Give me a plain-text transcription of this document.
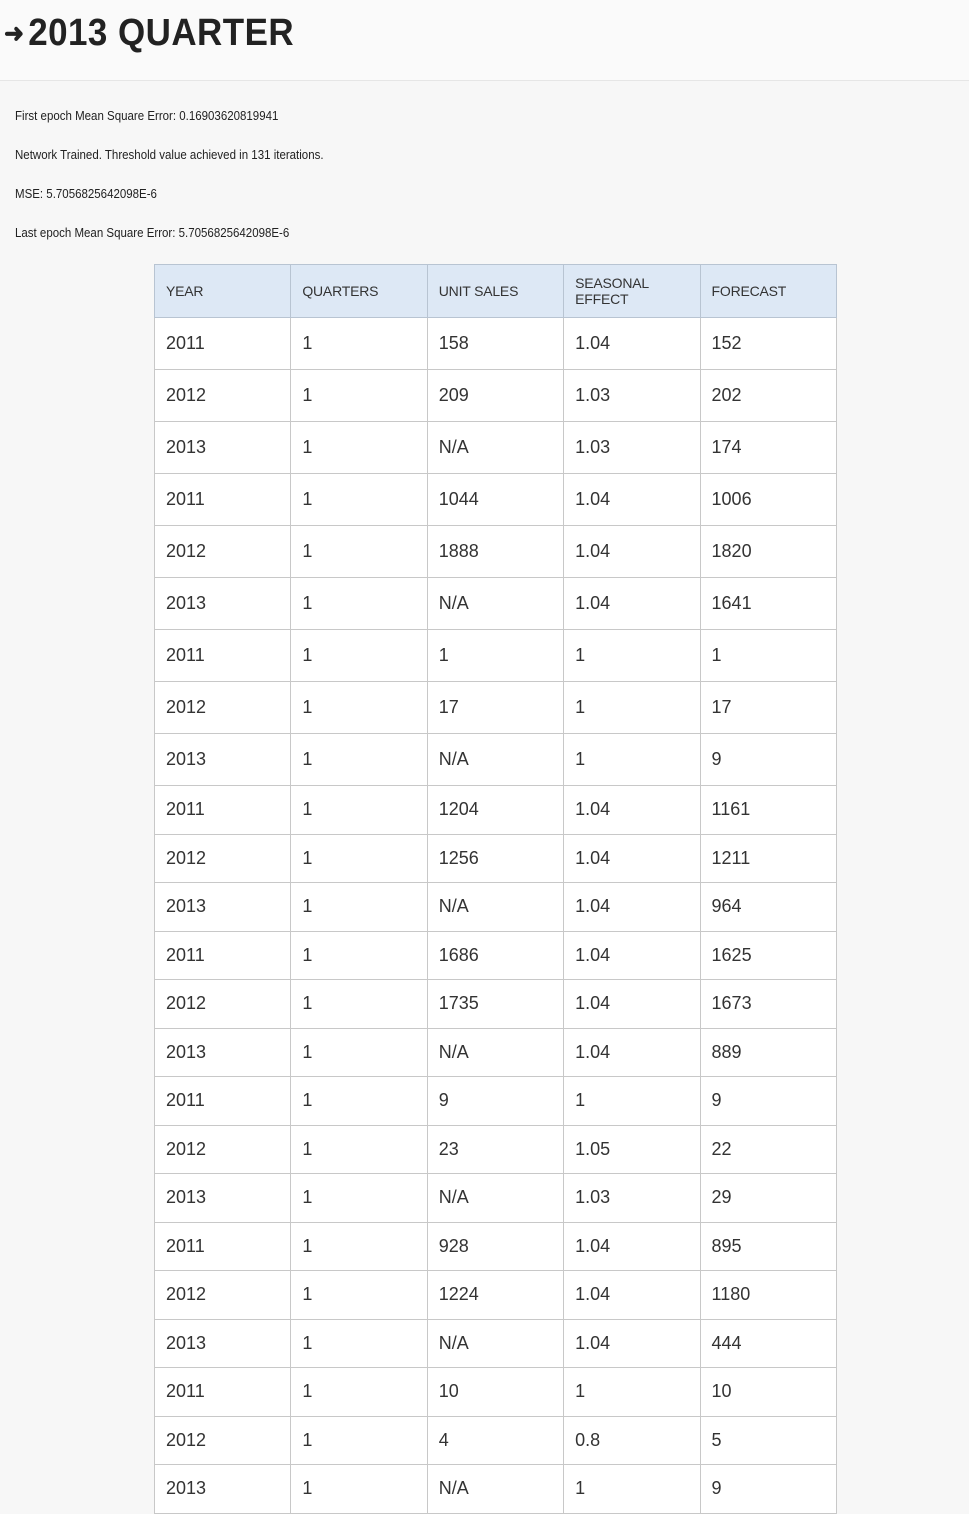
➜ 2013 QUARTER
First epoch Mean Square Error: 0.16903620819941
Network Trained. Threshold value achieved in 131 iterations.
MSE: 5.7056825642098E-6
Last epoch Mean Square Error: 5.7056825642098E-6
YEAR	QUARTERS	UNIT SALES	SEASONAL EFFECT	FORECAST
2011	1	158	1.04	152
2012	1	209	1.03	202
2013	1	N/A	1.03	174
2011	1	1044	1.04	1006
2012	1	1888	1.04	1820
2013	1	N/A	1.04	1641
2011	1	1	1	1
2012	1	17	1	17
2013	1	N/A	1	9
2011	1	1204	1.04	1161
2012	1	1256	1.04	1211
2013	1	N/A	1.04	964
2011	1	1686	1.04	1625
2012	1	1735	1.04	1673
2013	1	N/A	1.04	889
2011	1	9	1	9
2012	1	23	1.05	22
2013	1	N/A	1.03	29
2011	1	928	1.04	895
2012	1	1224	1.04	1180
2013	1	N/A	1.04	444
2011	1	10	1	10
2012	1	4	0.8	5
2013	1	N/A	1	9
